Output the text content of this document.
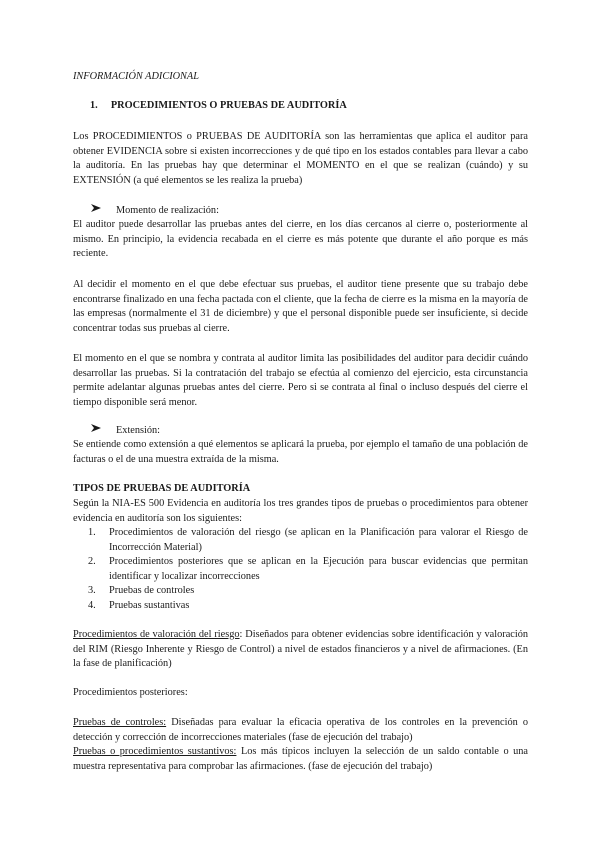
INFORMACIÓN ADICIONAL
1. PROCEDIMIENTOS O PRUEBAS DE AUDITORÍA
Los PROCEDIMIENTOS o PRUEBAS DE AUDITORÍA son las herramientas que aplica el auditor para obtener EVIDENCIA sobre si existen incorrecciones y de qué tipo en los estados contables para llevar a cabo la auditoría. En las pruebas hay que determinar el MOMENTO en el que se realizan (cuándo) y su EXTENSIÓN (a qué elementos se les realiza la prueba)
Momento de realización:
El auditor puede desarrollar las pruebas antes del cierre, en los días cercanos al cierre o, posteriormente al mismo. En principio, la evidencia recabada en el cierre es más potente que durante el año porque es más reciente.
Al decidir el momento en el que debe efectuar sus pruebas, el auditor tiene presente que su trabajo debe encontrarse finalizado en una fecha pactada con el cliente, que la fecha de cierre es la misma en la mayoría de las empresas (normalmente el 31 de diciembre) y que el personal disponible puede ser insuficiente, si decide concentrar todas sus pruebas al cierre.
El momento en el que se nombra y contrata al auditor limita las posibilidades del auditor para decidir cuándo desarrollar las pruebas. Si la contratación del trabajo se efectúa al comienzo del ejercicio, esta circunstancia permite adelantar algunas pruebas antes del cierre. Pero si se contrata al final o incluso después del cierre el tiempo disponible será menor.
Extensión:
Se entiende como extensión a qué elementos se aplicará la prueba, por ejemplo el tamaño de una población de facturas o el de una muestra extraída de la misma.
TIPOS DE PRUEBAS DE AUDITORÍA
Según la NIA-ES 500 Evidencia en auditoría los tres grandes tipos de pruebas o procedimientos para obtener evidencia en auditoría son los siguientes:
1. Procedimientos de valoración del riesgo (se aplican en la Planificación para valorar el Riesgo de Incorrección Material)
2. Procedimientos posteriores que se aplican en la Ejecución para buscar evidencias que permitan identificar y localizar incorrecciones
3. Pruebas de controles
4. Pruebas sustantivas
Procedimientos de valoración del riesgo: Diseñados para obtener evidencias sobre identificación y valoración del RIM (Riesgo Inherente y Riesgo de Control) a nivel de estados financieros y a nivel de afirmaciones. (En la fase de planificación)
Procedimientos posteriores:
Pruebas de controles: Diseñadas para evaluar la eficacia operativa de los controles en la prevención o detección y corrección de incorrecciones materiales (fase de ejecución del trabajo)
Pruebas o procedimientos sustantivos: Los más típicos incluyen la selección de un saldo contable o una muestra representativa para comprobar las afirmaciones. (fase de ejecución del trabajo)
